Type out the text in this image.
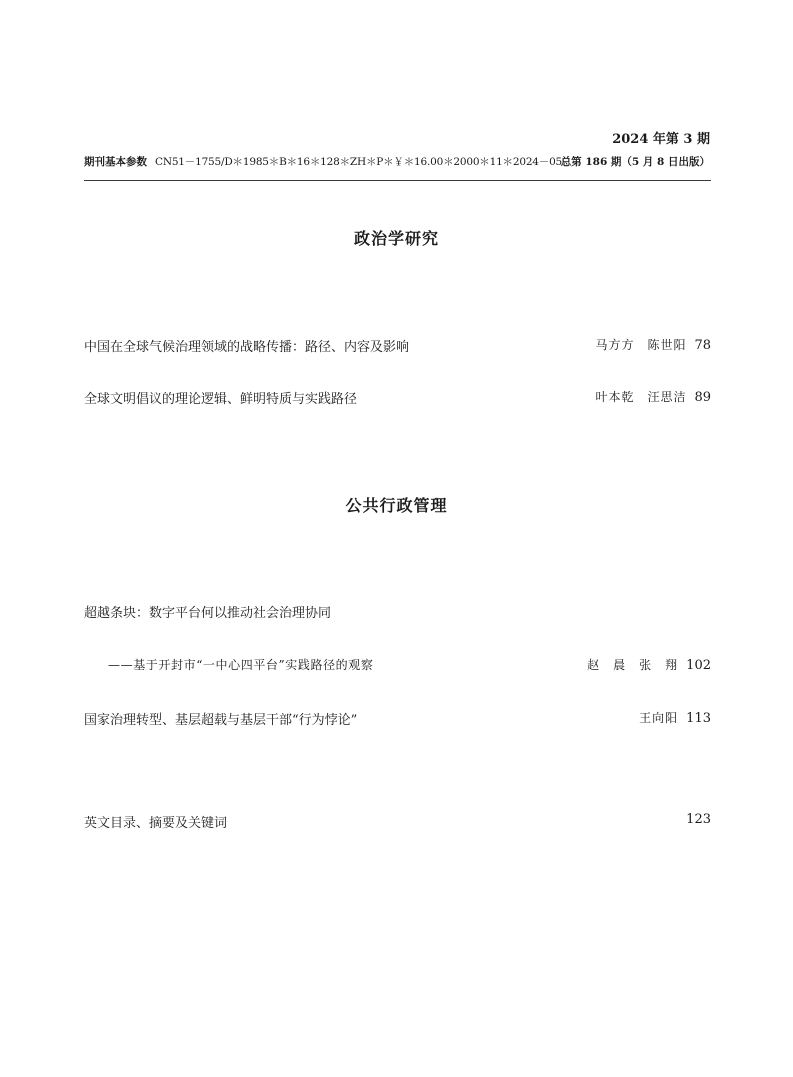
2024 年第 3 期
期刊基本参数 CN51－1755/D＊1985＊B＊16＊128＊ZH＊P＊￥＊16.00＊2000＊11＊2024－05
总第 186 期（5 月 8 日出版）
政治学研究
中国在全球气候治理领域的战略传播：路径、内容及影响	马方方　陈世阳 78
全球文明倡议的理论逻辑、鲜明特质与实践路径	叶本乾　汪思洁 89
公共行政管理
超越条块：数字平台何以推动社会治理协同
——基于开封市“一中心四平台”实践路径的观察	赵　晨　张　翔 102
国家治理转型、基层超载与基层干部“行为悖论”	王向阳 113
英文目录、摘要及关键词	123
